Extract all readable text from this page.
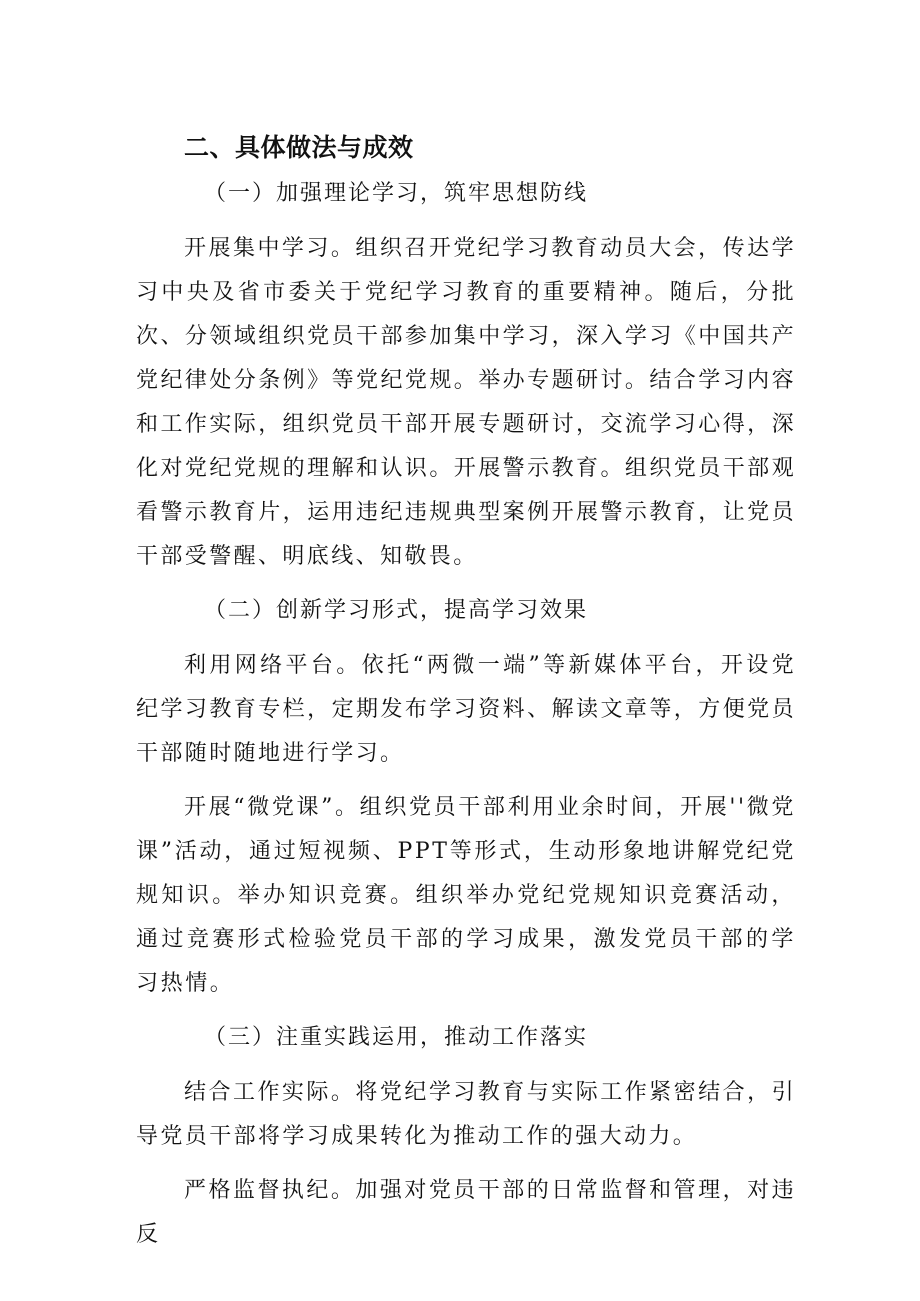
二、具体做法与成效
（一）加强理论学习，筑牢思想防线

开展集中学习。组织召开党纪学习教育动员大会，传达学习中央及省市委关于党纪学习教育的重要精神。随后，分批次、分领域组织党员干部参加集中学习，深入学习《中国共产党纪律处分条例》等党纪党规。举办专题研讨。结合学习内容和工作实际，组织党员干部开展专题研讨，交流学习心得，深化对党纪党规的理解和认识。开展警示教育。组织党员干部观看警示教育片，运用违纪违规典型案例开展警示教育，让党员干部受警醒、明底线、知敬畏。

（二）创新学习形式，提高学习效果

利用网络平台。依托“两微一端”等新媒体平台，开设党纪学习教育专栏，定期发布学习资料、解读文章等，方便党员干部随时随地进行学习。

开展“微党课”。组织党员干部利用业余时间，开展''微党课”活动，通过短视频、PPT等形式，生动形象地讲解党纪党规知识。举办知识竞赛。组织举办党纪党规知识竞赛活动，通过竞赛形式检验党员干部的学习成果，激发党员干部的学习热情。

（三）注重实践运用，推动工作落实

结合工作实际。将党纪学习教育与实际工作紧密结合，引导党员干部将学习成果转化为推动工作的强大动力。

严格监督执纪。加强对党员干部的日常监督和管理，对违反
